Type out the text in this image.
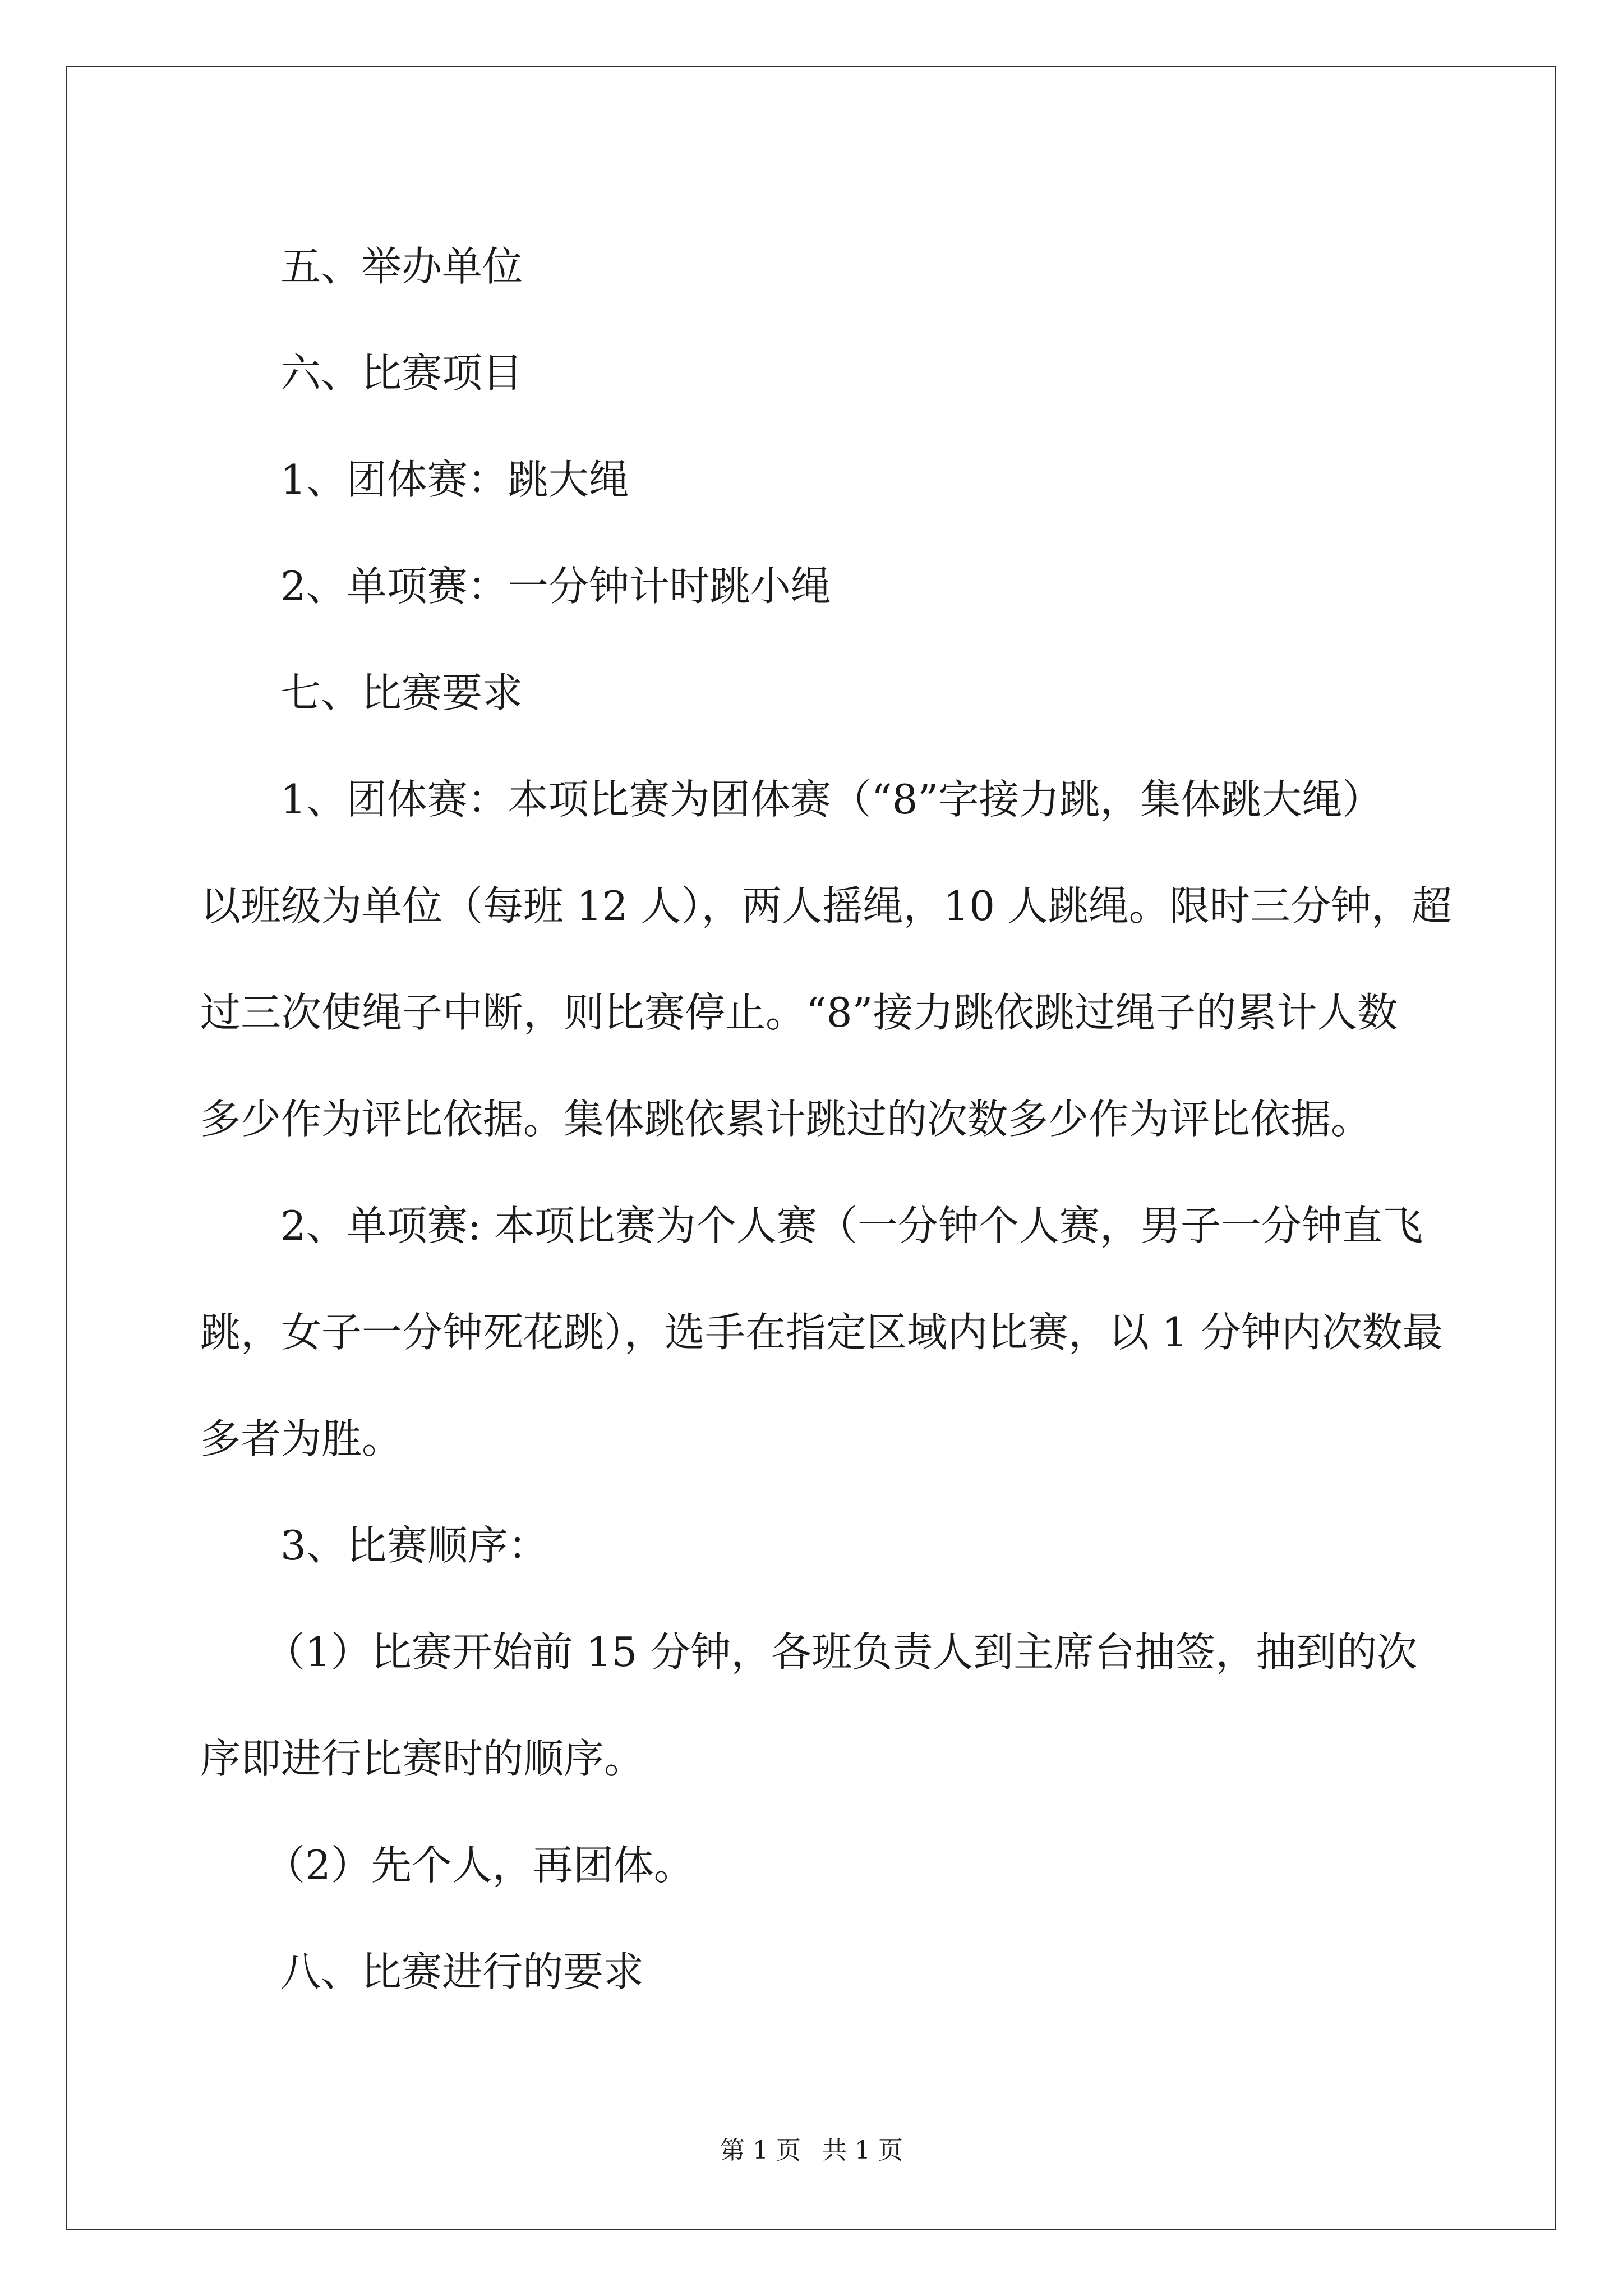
五、举办单位

六、比赛项目

1、团体赛：跳大绳

2、单项赛：一分钟计时跳小绳

七、比赛要求

1、团体赛：本项比赛为团体赛（“8”字接力跳，集体跳大绳）

以班级为单位（每班 12 人），两人摇绳，10 人跳绳。限时三分钟，超

过三次使绳子中断，则比赛停止。“8”接力跳依跳过绳子的累计人数

多少作为评比依据。集体跳依累计跳过的次数多少作为评比依据。

2、单项赛: 本项比赛为个人赛（一分钟个人赛，男子一分钟直飞

跳，女子一分钟死花跳），选手在指定区域内比赛，以 1 分钟内次数最

多者为胜。

3、比赛顺序：

（1）比赛开始前 15 分钟，各班负责人到主席台抽签，抽到的次

序即进行比赛时的顺序。

（2）先个人，再团体。

八、比赛进行的要求

第 1 页 共 1 页
